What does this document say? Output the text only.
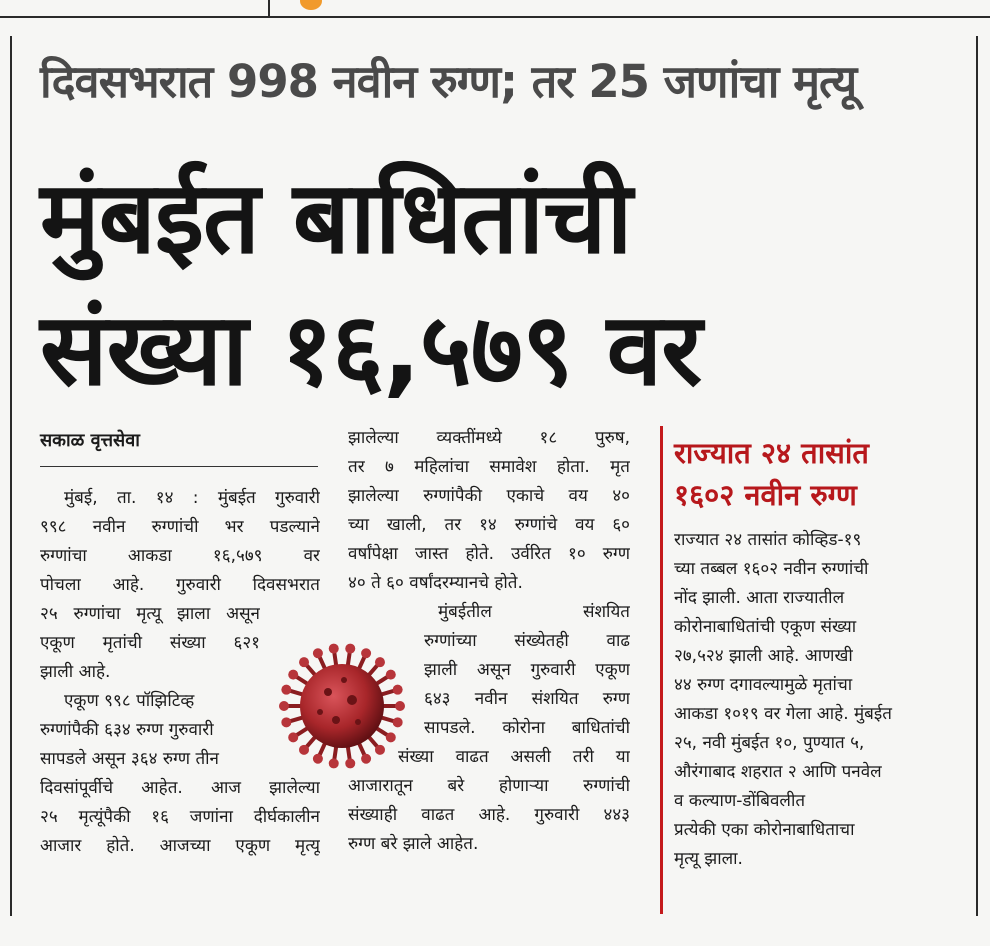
दिवसभरात 998 नवीन रुग्ण; तर 25 जणांचा मृत्यू
मुंबईत बाधितांची
संख्या १६,५७९ वर
सकाळ वृत्तसेवा
मुंबई, ता. १४ : मुंबईत गुरुवारी
९९८ नवीन रुग्णांची भर पडल्याने
रुग्णांचा आकडा १६,५७९ वर
पोचला आहे. गुरुवारी दिवसभरात
२५ रुग्णांचा मृत्यू झाला असून
एकूण मृतांची संख्या ६२१
झाली आहे.
एकूण ९९८ पॉझिटिव्ह
रुग्णांपैकी ६३४ रुग्ण गुरुवारी
सापडले असून ३६४ रुग्ण तीन
दिवसांपूर्वीचे आहेत. आज झालेल्या
२५ मृत्यूंपैकी १६ जणांना दीर्घकालीन
आजार होते. आजच्या एकूण मृत्यू
झालेल्या व्यक्तींमध्ये १८ पुरुष,
तर ७ महिलांचा समावेश होता. मृत
झालेल्या रुग्णांपैकी एकाचे वय ४०
च्या खाली, तर १४ रुग्णांचे वय ६०
वर्षांपेक्षा जास्त होते. उर्वरित १० रुग्ण
४० ते ६० वर्षांदरम्यानचे होते.
मुंबईतील संशयित
रुग्णांच्या संख्येतही वाढ
झाली असून गुरुवारी एकूण
६४३ नवीन संशयित रुग्ण
सापडले. कोरोना बाधितांची
संख्या वाढत असली तरी या
आजारातून बरे होणाऱ्या रुग्णांची
संख्याही वाढत आहे. गुरुवारी ४४३
रुग्ण बरे झाले आहेत.
राज्यात २४ तासांत
१६०२ नवीन रुग्ण
राज्यात २४ तासांत कोव्हिड-१९
च्या तब्बल १६०२ नवीन रुग्णांची
नोंद झाली. आता राज्यातील
कोरोनाबाधितांची एकूण संख्या
२७,५२४ झाली आहे. आणखी
४४ रुग्ण दगावल्यामुळे मृतांचा
आकडा १०१९ वर गेला आहे. मुंबईत
२५, नवी मुंबईत १०, पुण्यात ५,
औरंगाबाद शहरात २ आणि पनवेल
व कल्याण-डोंबिवलीत
प्रत्येकी एका कोरोनाबाधिताचा
मृत्यू झाला.
